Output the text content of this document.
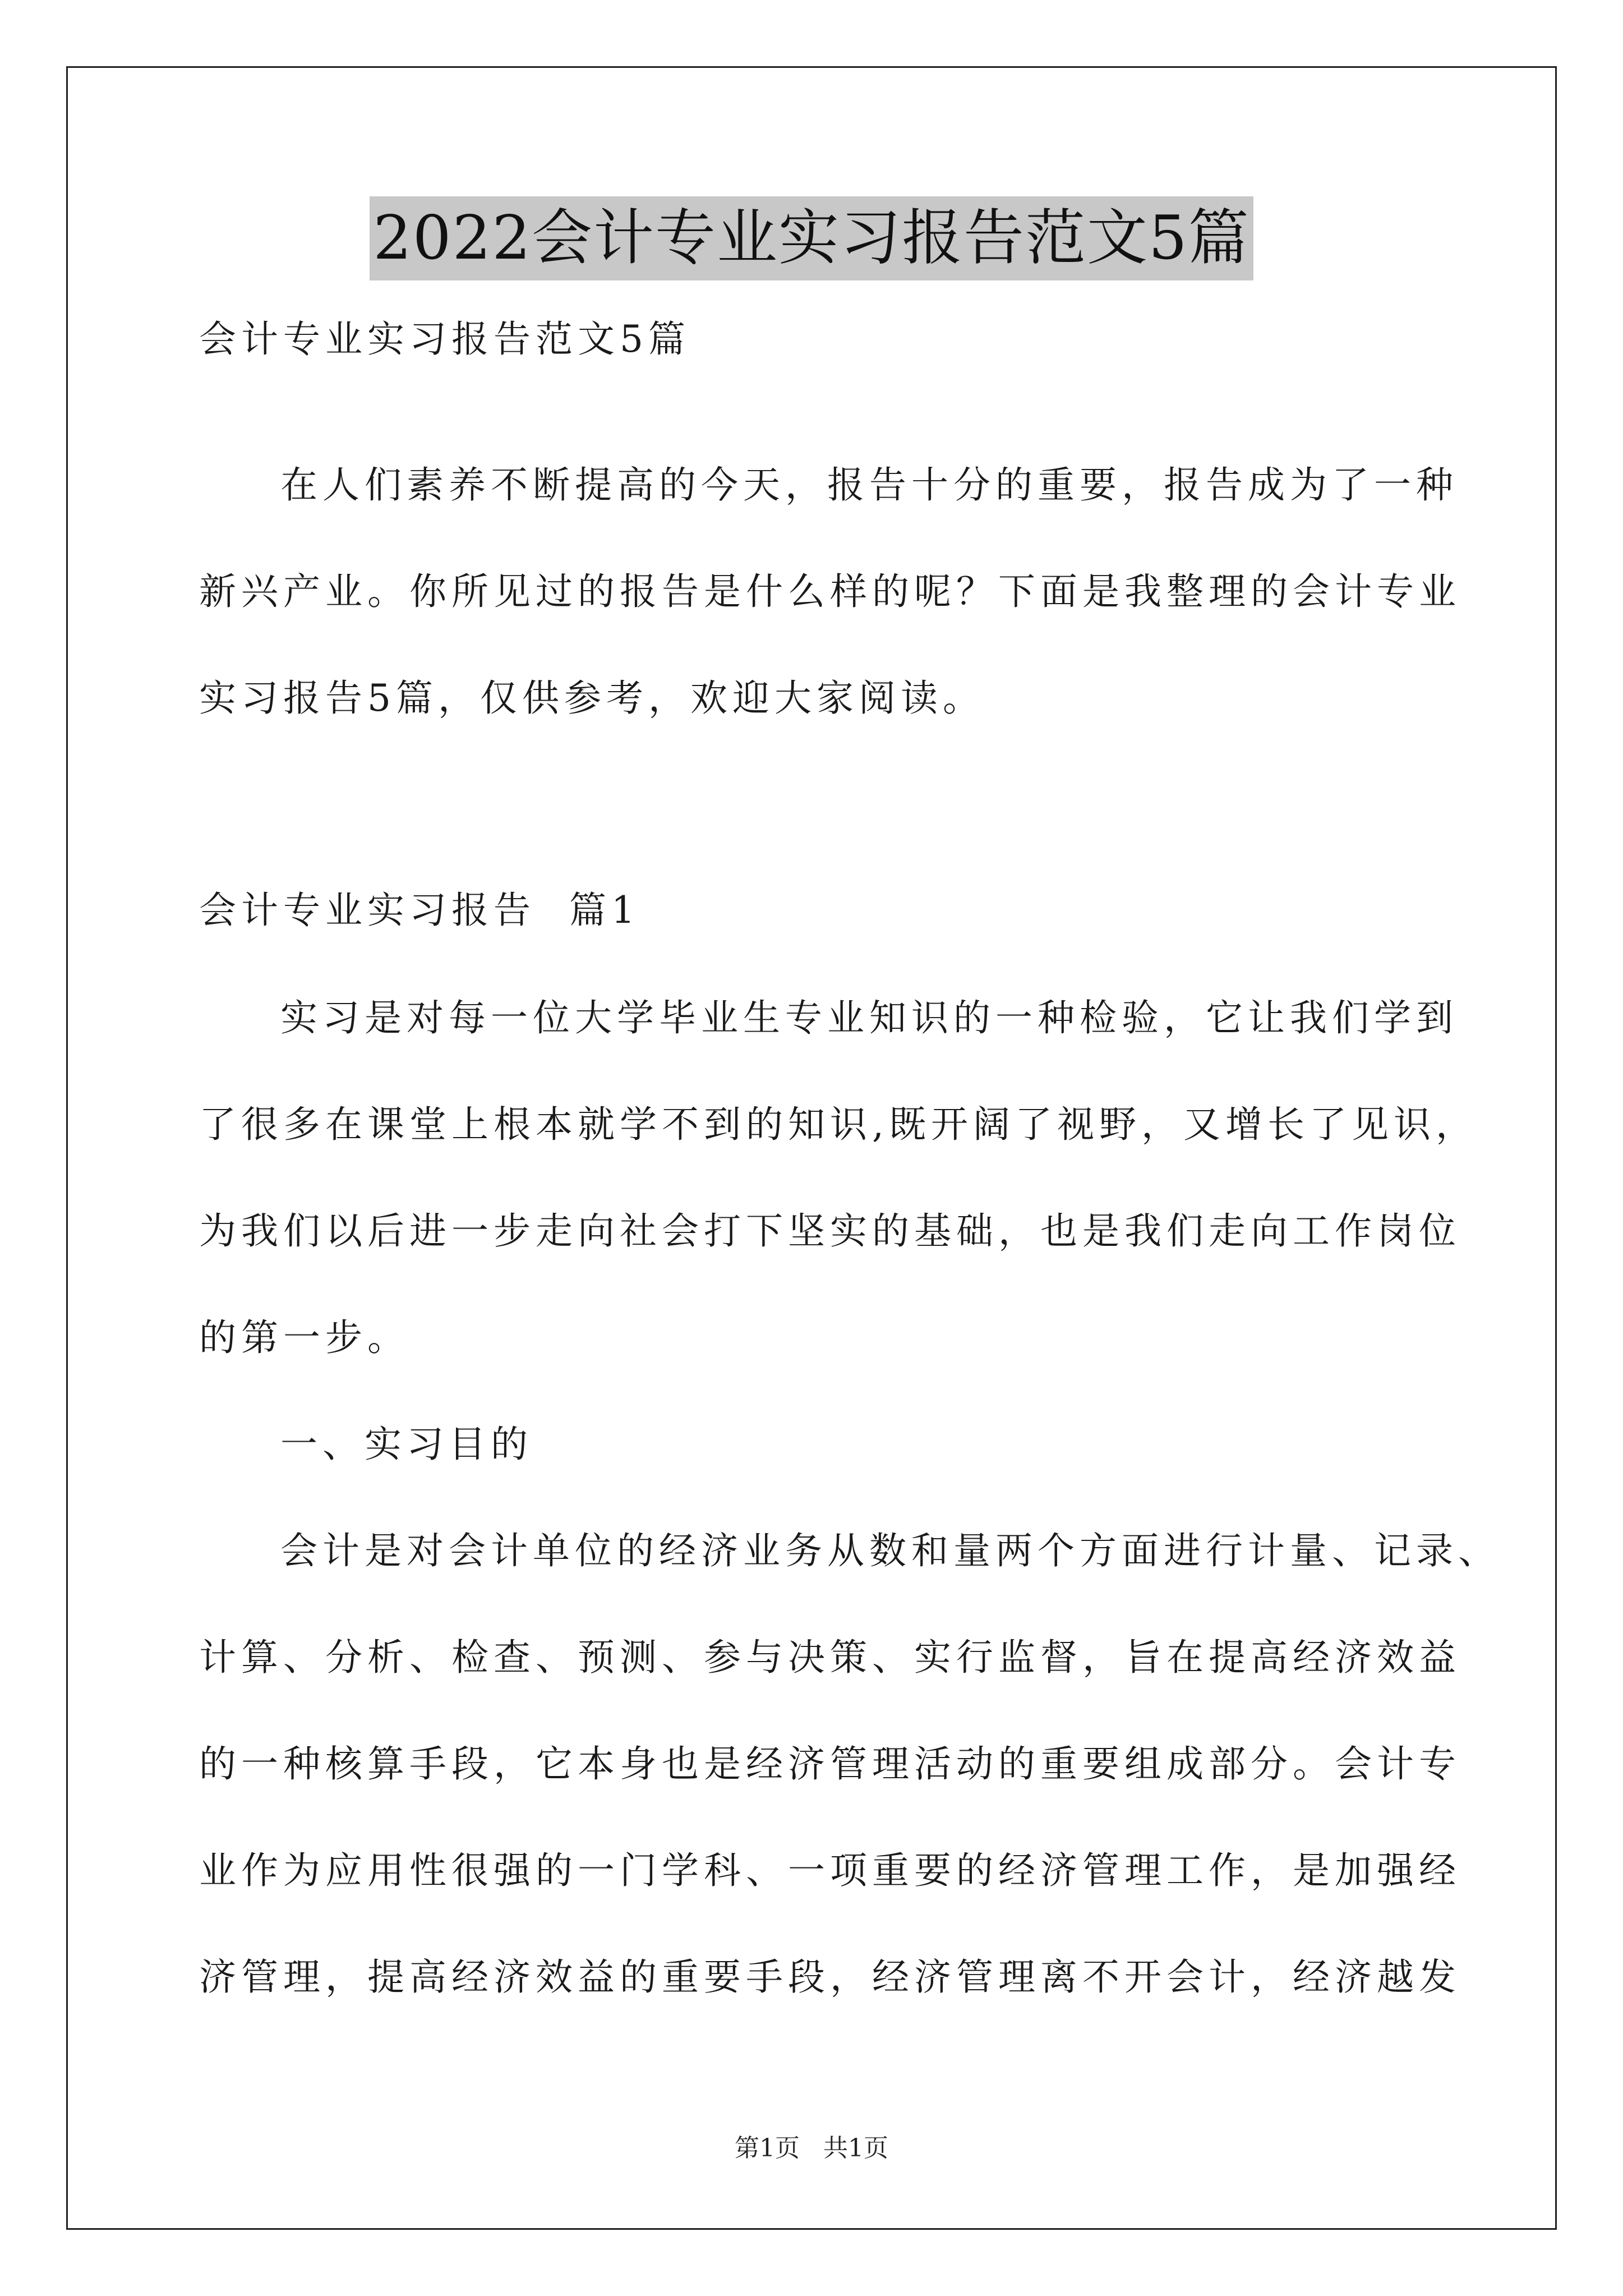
2022会计专业实习报告范文5篇
会计专业实习报告范文5篇
在人们素养不断提高的今天，报告十分的重要，报告成为了一种
新兴产业。你所见过的报告是什么样的呢？下面是我整理的会计专业
实习报告5篇，仅供参考，欢迎大家阅读。
会计专业实习报告  篇1
实习是对每一位大学毕业生专业知识的一种检验，它让我们学到
了很多在课堂上根本就学不到的知识,既开阔了视野，又增长了见识，
为我们以后进一步走向社会打下坚实的基础，也是我们走向工作岗位
的第一步。
一、实习目的
会计是对会计单位的经济业务从数和量两个方面进行计量、记录、
计算、分析、检查、预测、参与决策、实行监督，旨在提高经济效益
的一种核算手段，它本身也是经济管理活动的重要组成部分。会计专
业作为应用性很强的一门学科、一项重要的经济管理工作，是加强经
济管理，提高经济效益的重要手段，经济管理离不开会计，经济越发
第1页   共1页
